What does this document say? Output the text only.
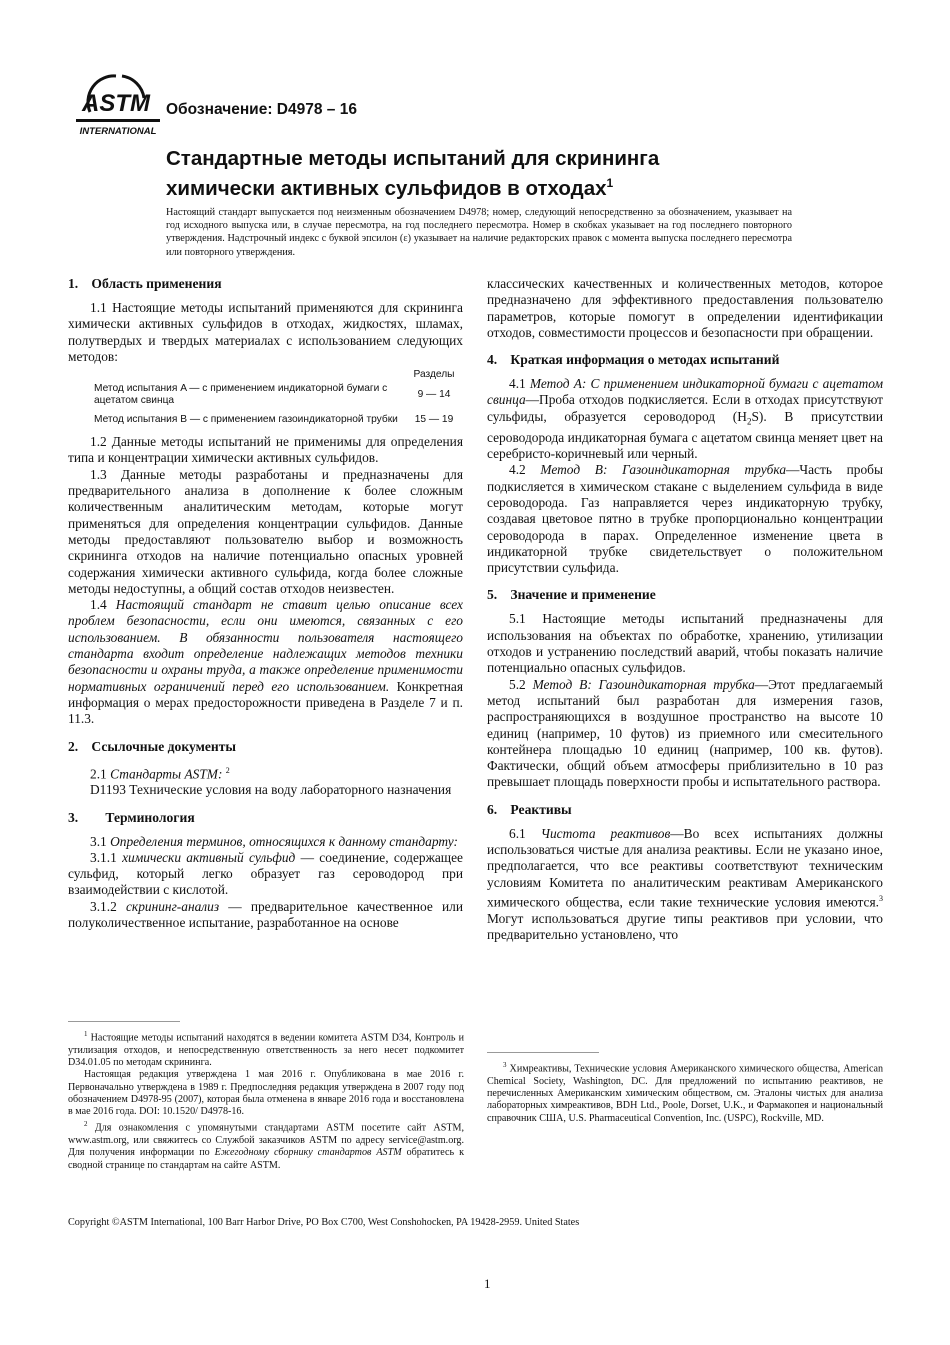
ASTM
INTERNATIONAL
Обозначение: D4978 – 16
Стандартные методы испытаний для скрининга
химически активных сульфидов в отходах$^1$

Настоящий стандарт выпускается под неизменным обозначением D4978; номер, следующий непосредственно за обозначением, указывает на год исходного выпуска или, в случае пересмотра, на год последнего пересмотра. Номер в скобках указывает на год последнего повторного утверждения. Надстрочный индекс с буквой эпсилон (ε) указывает на наличие редакторских правок с момента выпуска последнего пересмотра или повторного утверждения.

1. Область применения

1.1 Настоящие методы испытаний применяются для скрининга химически активных сульфидов в отходах, жидкостях, шламах, полутвердых и твердых материалах с использованием следующих методов:

	Разделы
Метод испытания A — с применением индикаторной бумаги с ацетатом свинца	9 — 14
Метод испытания B — с применением газоиндикаторной трубки	15 — 19

1.2 Данные методы испытаний не применимы для определения типа и концентрации химически активных сульфидов.

1.3 Данные методы разработаны и предназначены для предварительного анализа в дополнение к более сложным количественным аналитическим методам, которые могут применяться для определения концентрации сульфидов. Данные методы предоставляют пользователю выбор и возможность скрининга отходов на наличие потенциально опасных уровней содержания химически активного сульфида, когда более сложные методы недоступны, а общий состав отходов неизвестен.

1.4 Настоящий стандарт не ставит целью описание всех проблем безопасности, если они имеются, связанных с его использованием. В обязанности пользователя настоящего стандарта входит определение надлежащих методов техники безопасности и охраны труда, а также определение применимости нормативных ограничений перед его использованием. Конкретная информация о мерах предосторожности приведена в Разделе 7 и п. 11.3.

2. Ссылочные документы

2.1 Стандарты ASTM: $^2$

D1193 Технические условия на воду лабораторного назначения

3. Терминология

3.1 Определения терминов, относящихся к данному стандарту:

3.1.1 химически активный сульфид — соединение, содержащее сульфид, который легко образует газ сероводород при взаимодействии с кислотой.

3.1.2 скрининг-анализ — предварительное качественное или полуколичественное испытание, разработанное на основе

классических качественных и количественных методов, которое предназначено для эффективного предоставления пользователю параметров, которые помогут в определении идентификации отходов, совместимости процессов и безопасности при обращении.

4. Краткая информация о методах испытаний

4.1 Метод A: С применением индикаторной бумаги с ацетатом свинца—Проба отходов подкисляется. Если в отходах присутствуют сульфиды, образуется сероводород $(H_2S)$. В присутствии сероводорода индикаторная бумага с ацетатом свинца меняет цвет на серебристо-коричневый или черный.

4.2 Метод B: Газоиндикаторная трубка—Часть пробы подкисляется в химическом стакане с выделением сульфида в виде сероводорода. Газ направляется через индикаторную трубку, создавая цветовое пятно в трубке пропорционально концентрации сероводорода в парах. Определенное изменение цвета в индикаторной трубке свидетельствует о положительном присутствии сульфида.

5. Значение и применение

5.1 Настоящие методы испытаний предназначены для использования на объектах по обработке, хранению, утилизации отходов и устранению последствий аварий, чтобы показать наличие потенциально опасных сульфидов.

5.2 Метод B: Газоиндикаторная трубка—Этот предлагаемый метод испытаний был разработан для измерения газов, распространяющихся в воздушное пространство на высоте 10 единиц (например, 10 футов) из приемного или смесительного контейнера площадью 10 единиц (например, 100 кв. футов). Фактически, общий объем атмосферы приблизительно в 10 раз превышает площадь поверхности пробы и испытательного раствора.

6. Реактивы

6.1 Чистота реактивов—Во всех испытаниях должны использоваться чистые для анализа реактивы. Если не указано иное, предполагается, что все реактивы соответствуют техническим условиям Комитета по аналитическим реактивам Американского химического общества, если такие технические условия имеются.$^3$ Могут использоваться другие типы реактивов при условии, что предварительно установлено, что

$^1$ Настоящие методы испытаний находятся в ведении комитета ASTM D34, Контроль и утилизация отходов, и непосредственную ответственность за него несет подкомитет D34.01.05 по методам скрининга.

Настоящая редакция утверждена 1 мая 2016 г. Опубликована в мае 2016 г. Первоначально утверждена в 1989 г. Предпоследняя редакция утверждена в 2007 году под обозначением D4978-95 (2007), которая была отменена в январе 2016 года и восстановлена в мае 2016 года. DOI: 10.1520/ D4978-16.

$^2$ Для ознакомления с упомянутыми стандартами ASTM посетите сайт ASTM, www.astm.org, или свяжитесь со Службой заказчиков ASTM по адресу service@astm.org. Для получения информации по Ежегодному сборнику стандартов ASTM обратитесь к сводной странице по стандартам на сайте ASTM.

$^3$ Химреактивы, Технические условия Американского химического общества, American Chemical Society, Washington, DC. Для предложений по испытанию реактивов, не перечисленных Американским химическим обществом, см. Эталоны чистых для анализа лабораторных химреактивов, BDH Ltd., Poole, Dorset, U.K., и Фармакопея и национальный справочник США, U.S. Pharmaceutical Convention, Inc. (USPC), Rockville, MD.

Copyright ©ASTM International, 100 Barr Harbor Drive, PO Box C700, West Conshohocken, PA 19428-2959. United States
1
